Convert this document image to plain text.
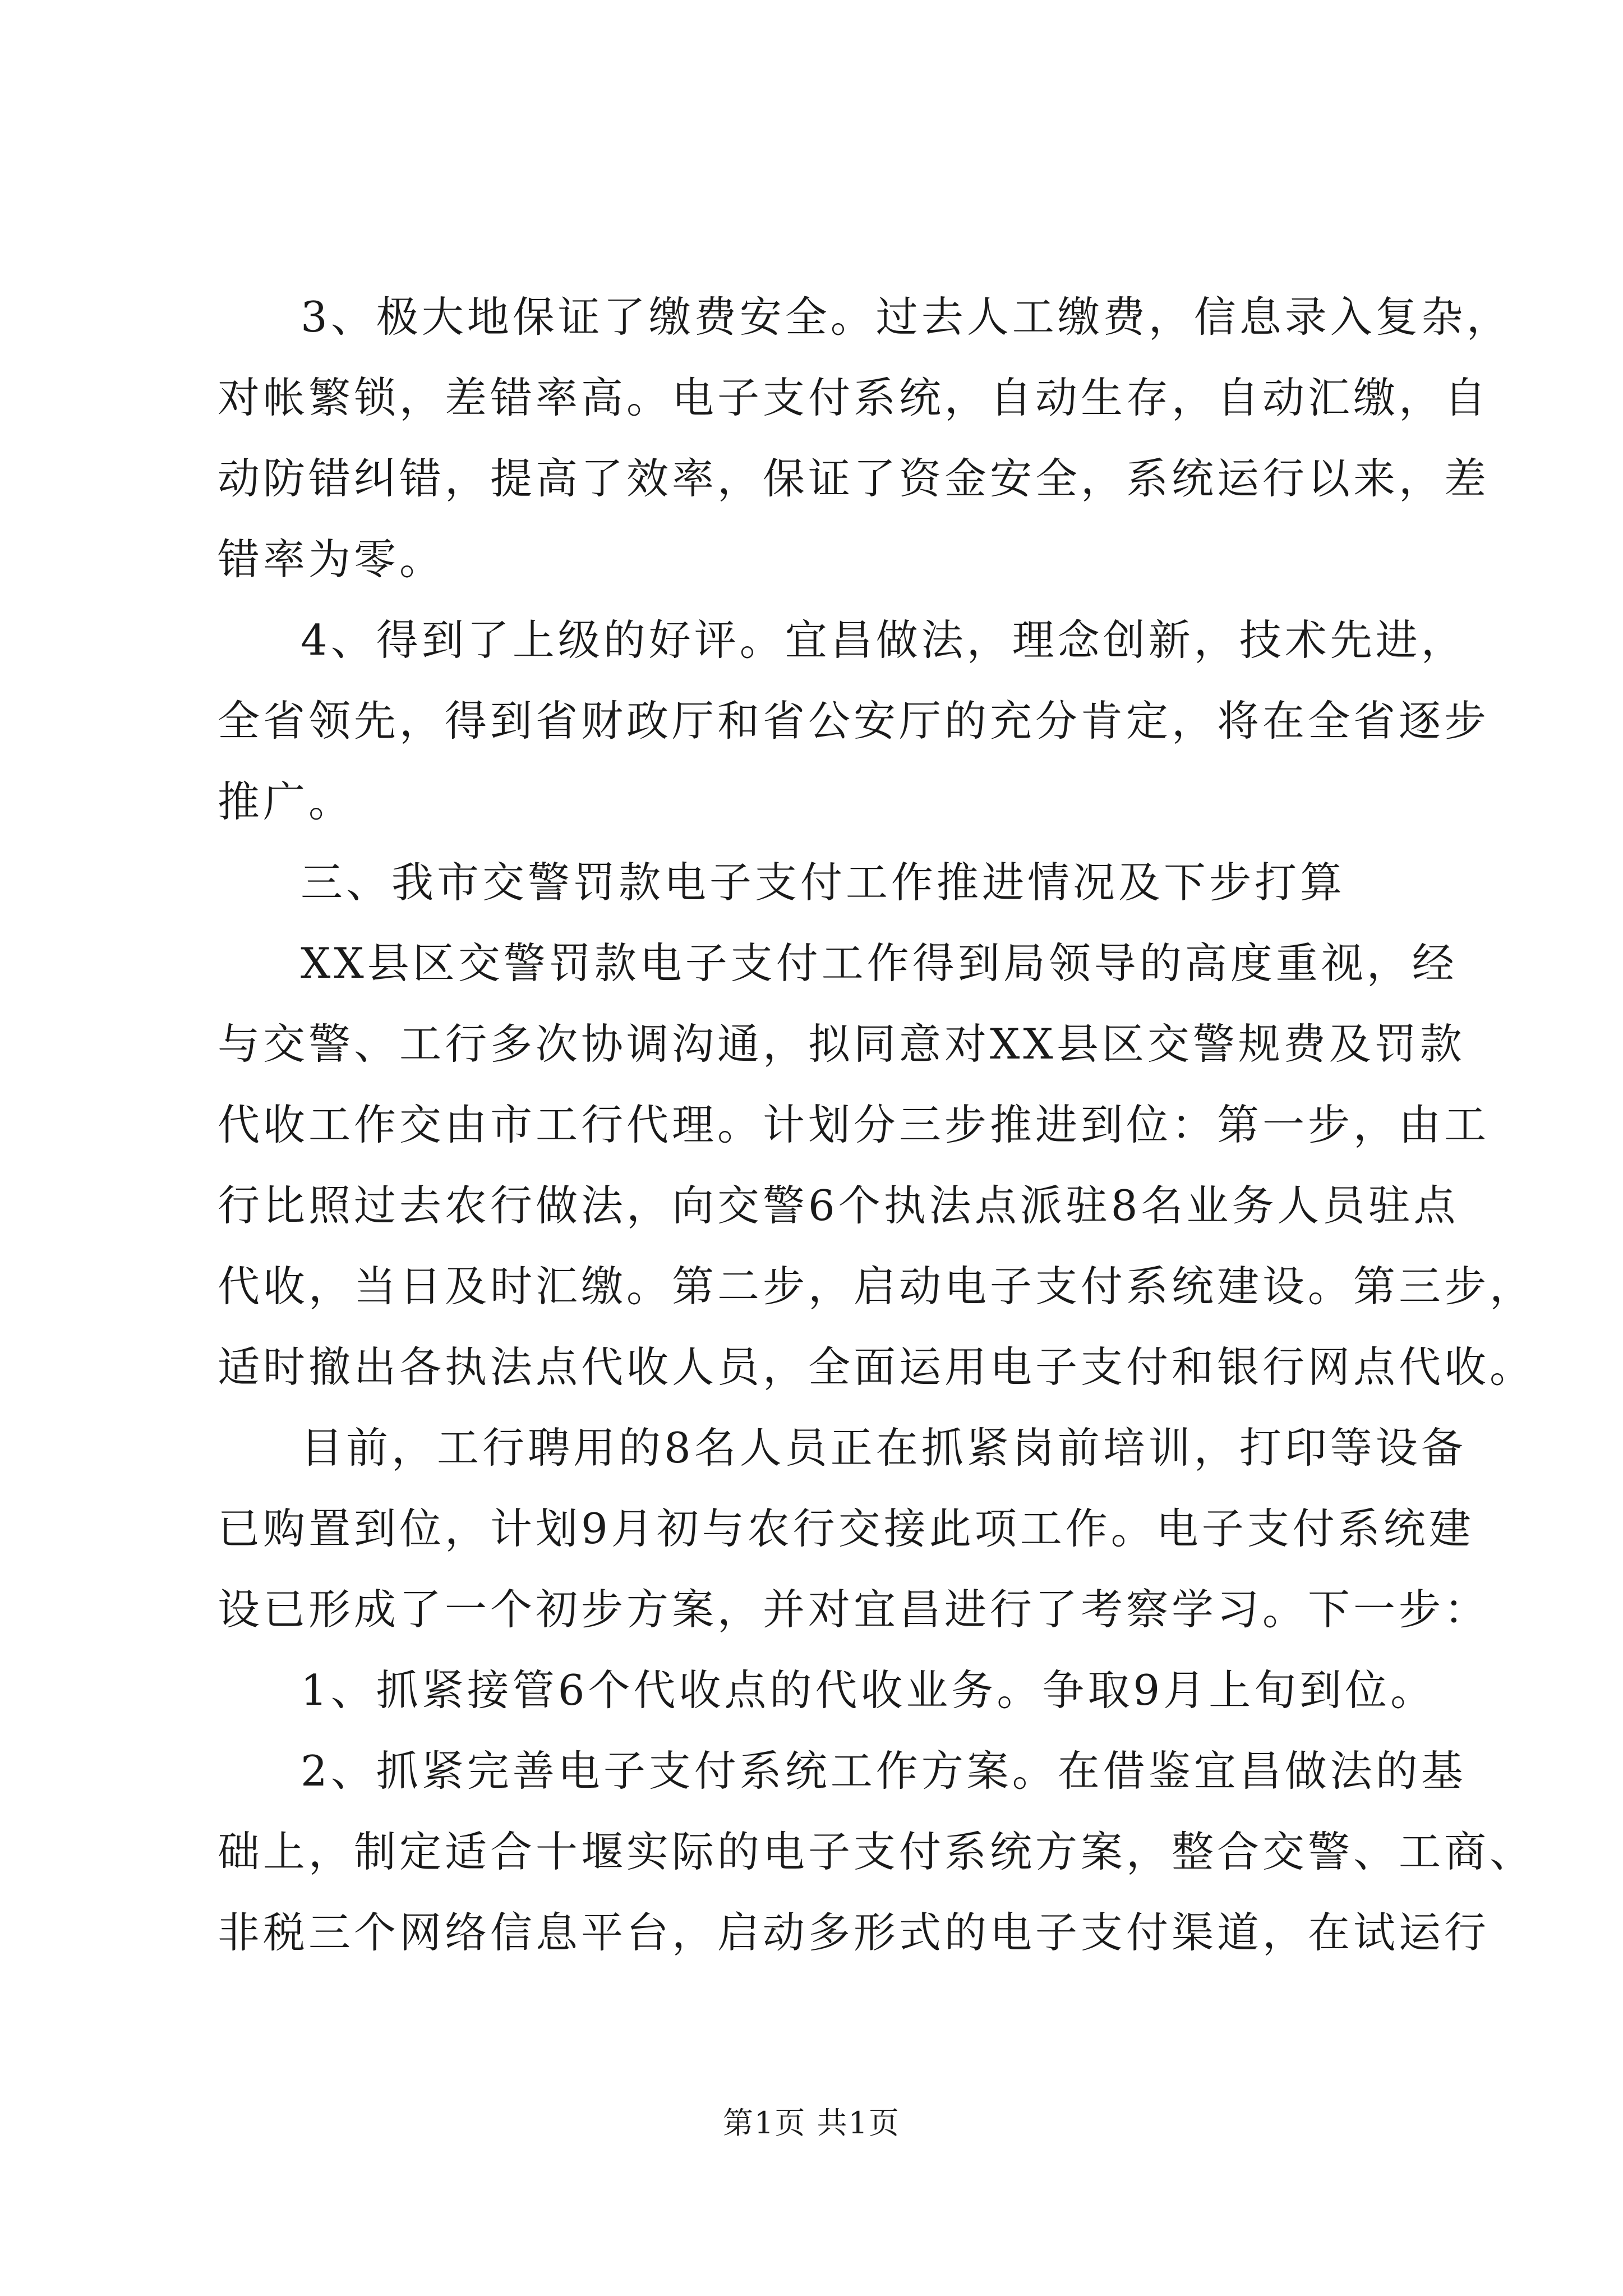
3、极大地保证了缴费安全。过去人工缴费，信息录入复杂，
对帐繁锁，差错率高。电子支付系统，自动生存，自动汇缴，自
动防错纠错，提高了效率，保证了资金安全，系统运行以来，差
错率为零。
4、得到了上级的好评。宜昌做法，理念创新，技术先进，
全省领先，得到省财政厅和省公安厅的充分肯定，将在全省逐步
推广。
三、我市交警罚款电子支付工作推进情况及下步打算
XX县区交警罚款电子支付工作得到局领导的高度重视，经
与交警、工行多次协调沟通，拟同意对XX县区交警规费及罚款
代收工作交由市工行代理。计划分三步推进到位：第一步，由工
行比照过去农行做法，向交警6个执法点派驻8名业务人员驻点
代收，当日及时汇缴。第二步，启动电子支付系统建设。第三步，
适时撤出各执法点代收人员，全面运用电子支付和银行网点代收。
目前，工行聘用的8名人员正在抓紧岗前培训，打印等设备
已购置到位，计划9月初与农行交接此项工作。电子支付系统建
设已形成了一个初步方案，并对宜昌进行了考察学习。下一步：
1、抓紧接管6个代收点的代收业务。争取9月上旬到位。
2、抓紧完善电子支付系统工作方案。在借鉴宜昌做法的基
础上，制定适合十堰实际的电子支付系统方案，整合交警、工商、
非税三个网络信息平台，启动多形式的电子支付渠道，在试运行
第1页 共1页
